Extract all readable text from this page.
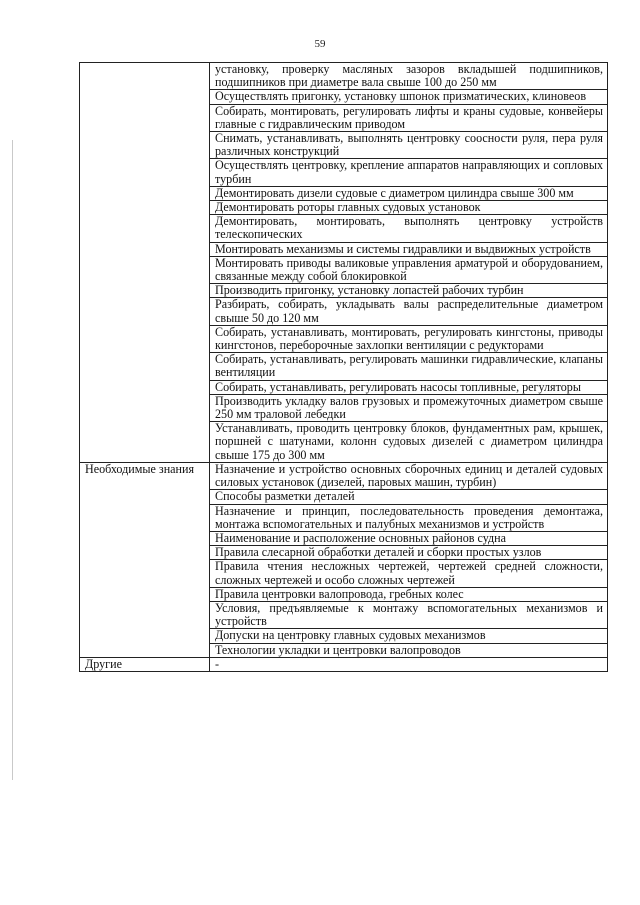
59
	установку, проверку масляных зазоров вкладышей подшипников, подшипников при диаметре вала свыше 100 до 250 мм
	Осуществлять пригонку, установку шпонок призматических, клиновеов
	Собирать, монтировать, регулировать лифты и краны судовые, конвейеры главные с гидравлическим приводом
	Снимать, устанавливать, выполнять центровку соосности руля, пера руля различных конструкций
	Осуществлять центровку, крепление аппаратов направляющих и сопловых турбин
	Демонтировать дизели судовые с диаметром цилиндра свыше 300 мм
	Демонтировать роторы главных судовых установок
	Демонтировать, монтировать, выполнять центровку устройств телескопических
	Монтировать механизмы и системы гидравлики и выдвижных устройств
	Монтировать приводы валиковые управления арматурой и оборудованием, связанные между собой блокировкой
	Производить пригонку, установку лопастей рабочих турбин
	Разбирать, собирать, укладывать валы распределительные диаметром свыше 50 до 120 мм
	Собирать, устанавливать, монтировать, регулировать кингстоны, приводы кингстонов, переборочные захлопки вентиляции с редукторами
	Собирать, устанавливать, регулировать машинки гидравлические, клапаны вентиляции
	Собирать, устанавливать, регулировать насосы топливные, регуляторы
	Производить укладку валов грузовых и промежуточных диаметром свыше 250 мм траловой лебедки
	Устанавливать, проводить центровку блоков, фундаментных рам, крышек, поршней с шатунами, колонн судовых дизелей с диаметром цилиндра свыше 175 до 300 мм
Необходимые знания	Назначение и устройство основных сборочных единиц и деталей судовых силовых установок (дизелей, паровых машин, турбин)
	Способы разметки деталей
	Назначение и принцип, последовательность проведения демонтажа, монтажа вспомогательных и палубных механизмов и устройств
	Наименование и расположение основных районов судна
	Правила слесарной обработки деталей и сборки простых узлов
	Правила чтения несложных чертежей, чертежей средней сложности, сложных чертежей и особо сложных чертежей
	Правила центровки валопровода, гребных колес
	Условия, предъявляемые к монтажу вспомогательных механизмов и устройств
	Допуски на центровку главных судовых механизмов
	Технологии укладки и центровки валопроводов
Другие	-
